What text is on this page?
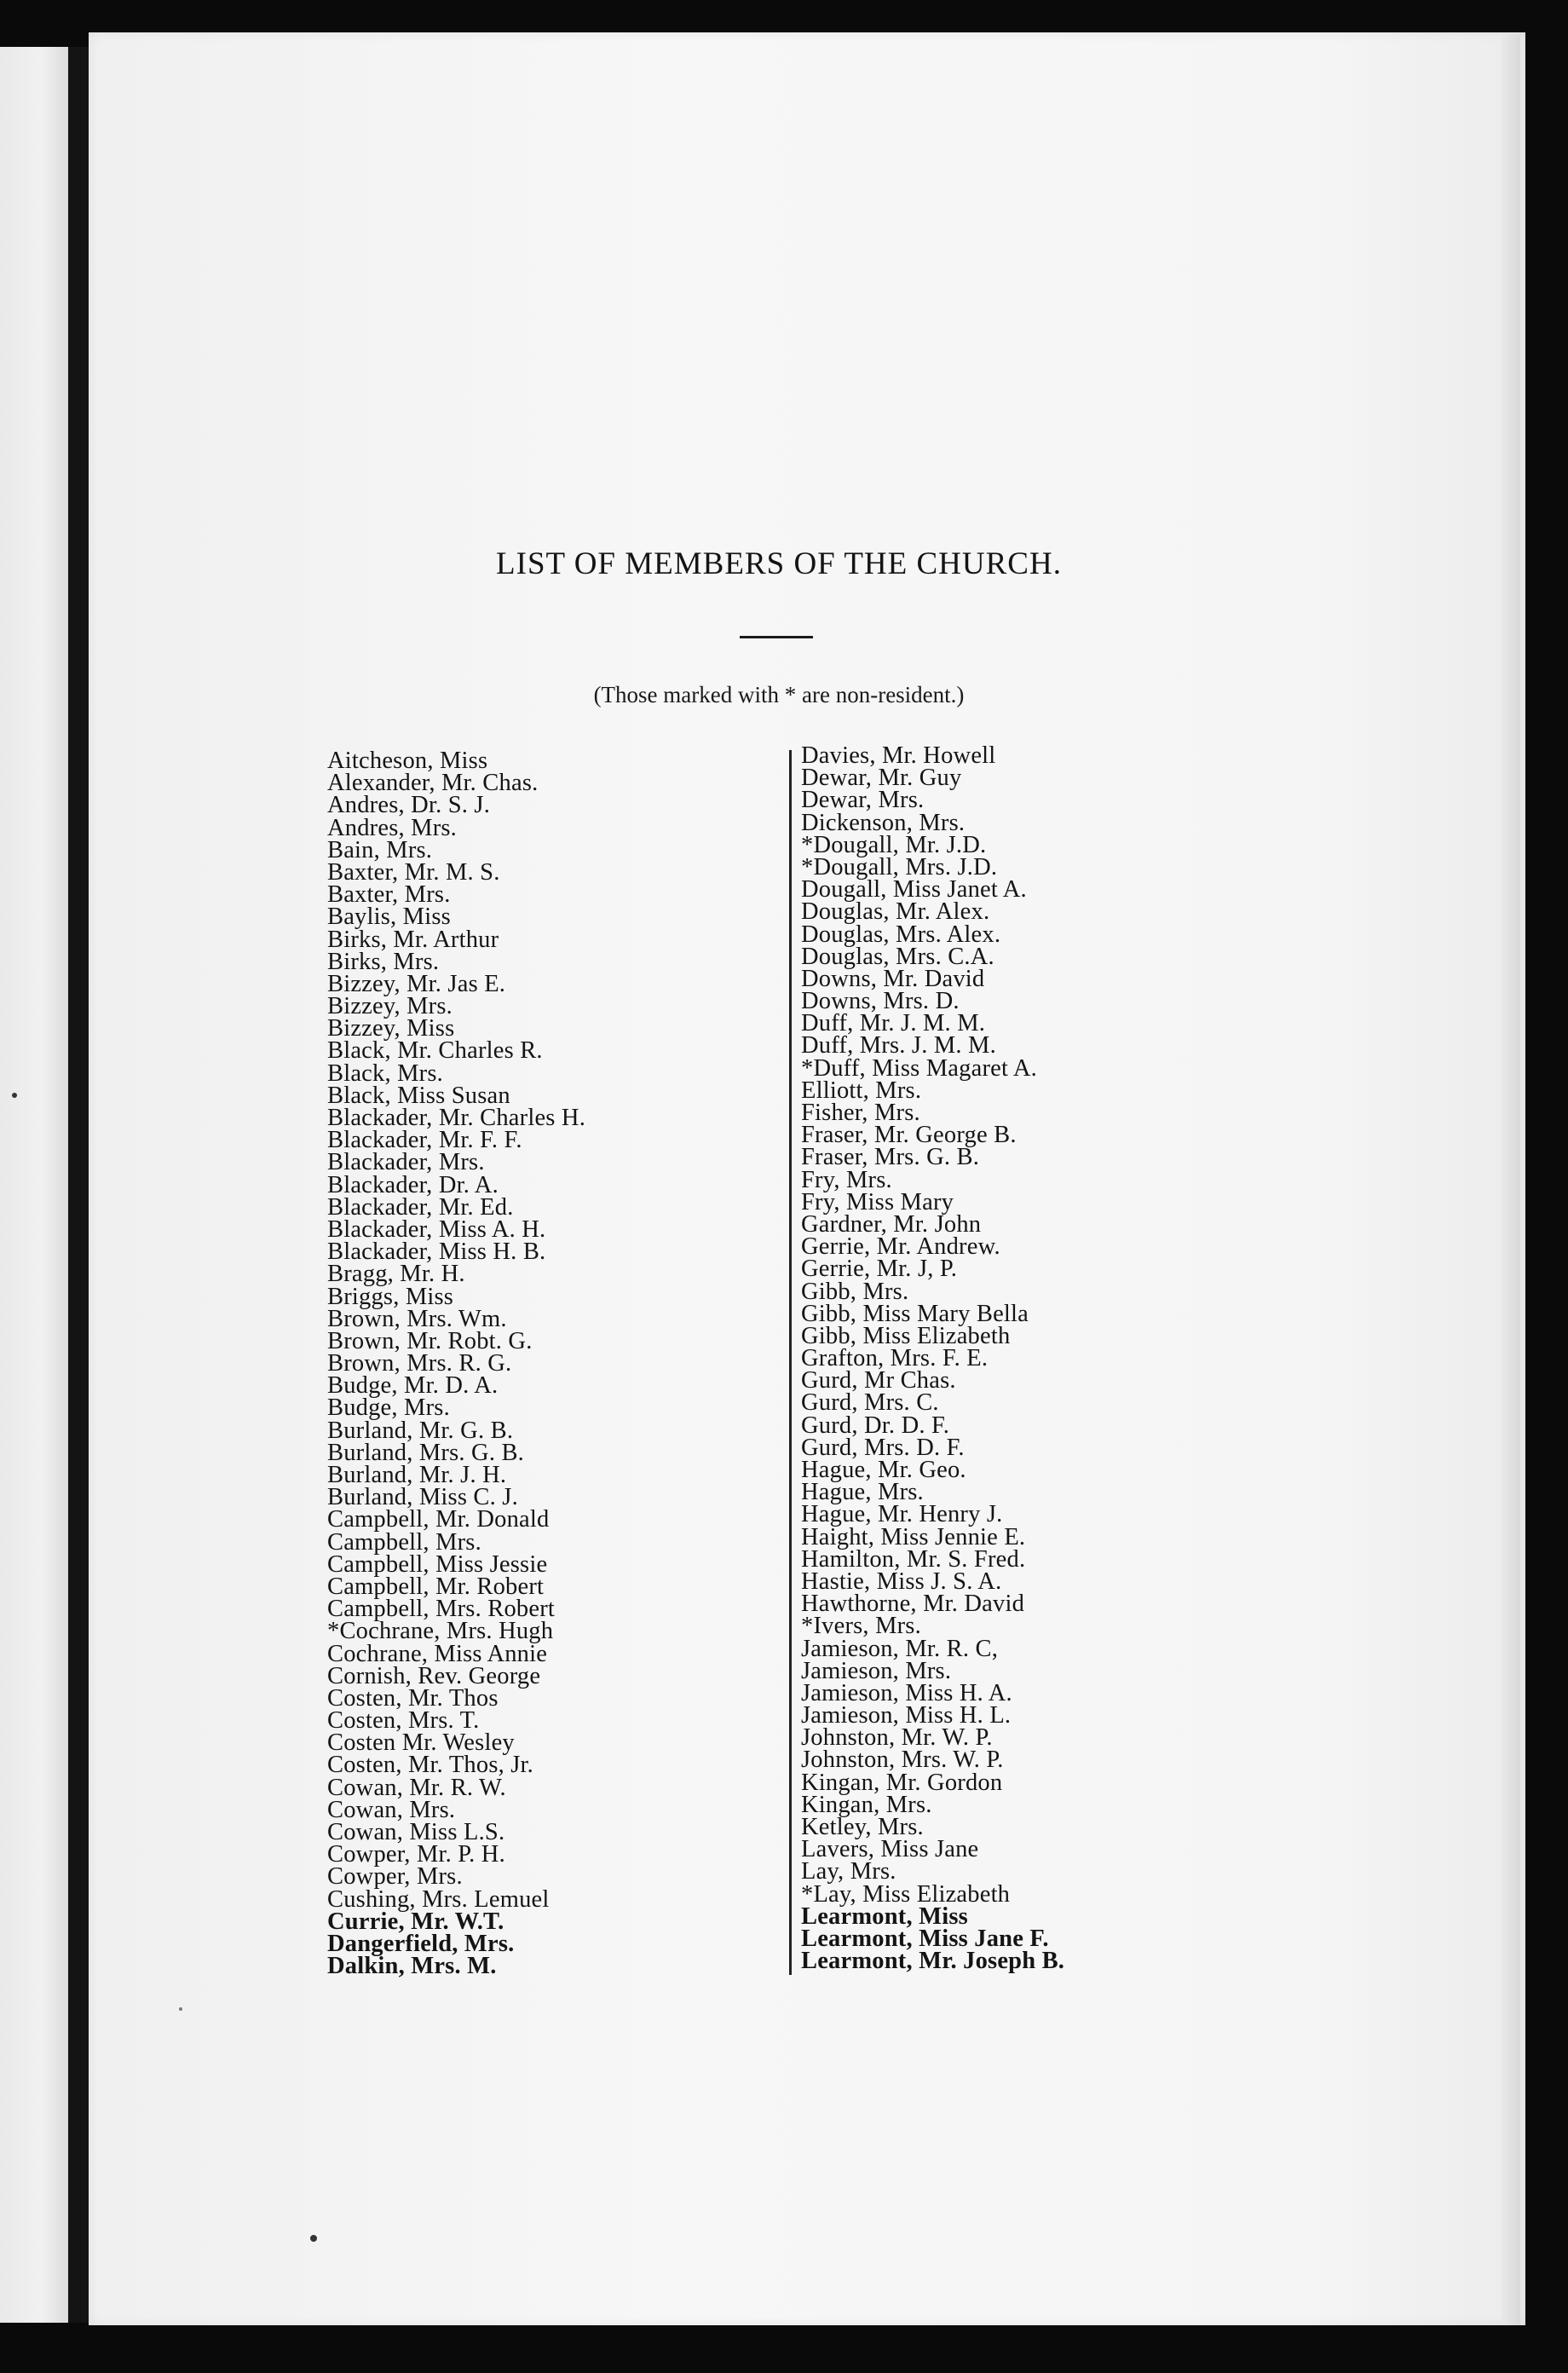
LIST OF MEMBERS OF THE CHURCH.
(Those marked with * are non-resident.)
Aitcheson, Miss
Alexander, Mr. Chas.
Andres, Dr. S. J.
Andres, Mrs.
Bain, Mrs.
Baxter, Mr. M. S.
Baxter, Mrs.
Baylis, Miss
Birks, Mr. Arthur
Birks, Mrs.
Bizzey, Mr. Jas E.
Bizzey, Mrs.
Bizzey, Miss
Black, Mr. Charles R.
Black, Mrs.
Black, Miss Susan
Blackader, Mr. Charles H.
Blackader, Mr. F. F.
Blackader, Mrs.
Blackader, Dr. A.
Blackader, Mr. Ed.
Blackader, Miss A. H.
Blackader, Miss H. B.
Bragg, Mr. H.
Briggs, Miss
Brown, Mrs. Wm.
Brown, Mr. Robt. G.
Brown, Mrs. R. G.
Budge, Mr. D. A.
Budge, Mrs.
Burland, Mr. G. B.
Burland, Mrs. G. B.
Burland, Mr. J. H.
Burland, Miss C. J.
Campbell, Mr. Donald
Campbell, Mrs.
Campbell, Miss Jessie
Campbell, Mr. Robert
Campbell, Mrs. Robert
*Cochrane, Mrs. Hugh
Cochrane, Miss Annie
Cornish, Rev. George
Costen, Mr. Thos
Costen, Mrs. T.
Costen Mr. Wesley
Costen, Mr. Thos, Jr.
Cowan, Mr. R. W.
Cowan, Mrs.
Cowan, Miss L.S.
Cowper, Mr. P. H.
Cowper, Mrs.
Cushing, Mrs. Lemuel
Currie, Mr. W.T.
Dangerfield, Mrs.
Dalkin, Mrs. M.
Davies, Mr. Howell
Dewar, Mr. Guy
Dewar, Mrs.
Dickenson, Mrs.
*Dougall, Mr. J.D.
*Dougall, Mrs. J.D.
Dougall, Miss Janet A.
Douglas, Mr. Alex.
Douglas, Mrs. Alex.
Douglas, Mrs. C.A.
Downs, Mr. David
Downs, Mrs. D.
Duff, Mr. J. M. M.
Duff, Mrs. J. M. M.
*Duff, Miss Magaret A.
Elliott, Mrs.
Fisher, Mrs.
Fraser, Mr. George B.
Fraser, Mrs. G. B.
Fry, Mrs.
Fry, Miss Mary
Gardner, Mr. John
Gerrie, Mr. Andrew.
Gerrie, Mr. J, P.
Gibb, Mrs.
Gibb, Miss Mary Bella
Gibb, Miss Elizabeth
Grafton, Mrs. F. E.
Gurd, Mr Chas.
Gurd, Mrs. C.
Gurd, Dr. D. F.
Gurd, Mrs. D. F.
Hague, Mr. Geo.
Hague, Mrs.
Hague, Mr. Henry J.
Haight, Miss Jennie E.
Hamilton, Mr. S. Fred.
Hastie, Miss J. S. A.
Hawthorne, Mr. David
*Ivers, Mrs.
Jamieson, Mr. R. C,
Jamieson, Mrs.
Jamieson, Miss H. A.
Jamieson, Miss H. L.
Johnston, Mr. W. P.
Johnston, Mrs. W. P.
Kingan, Mr. Gordon
Kingan, Mrs.
Ketley, Mrs.
Lavers, Miss Jane
Lay, Mrs.
*Lay, Miss Elizabeth
Learmont, Miss
Learmont, Miss Jane F.
Learmont, Mr. Joseph B.
